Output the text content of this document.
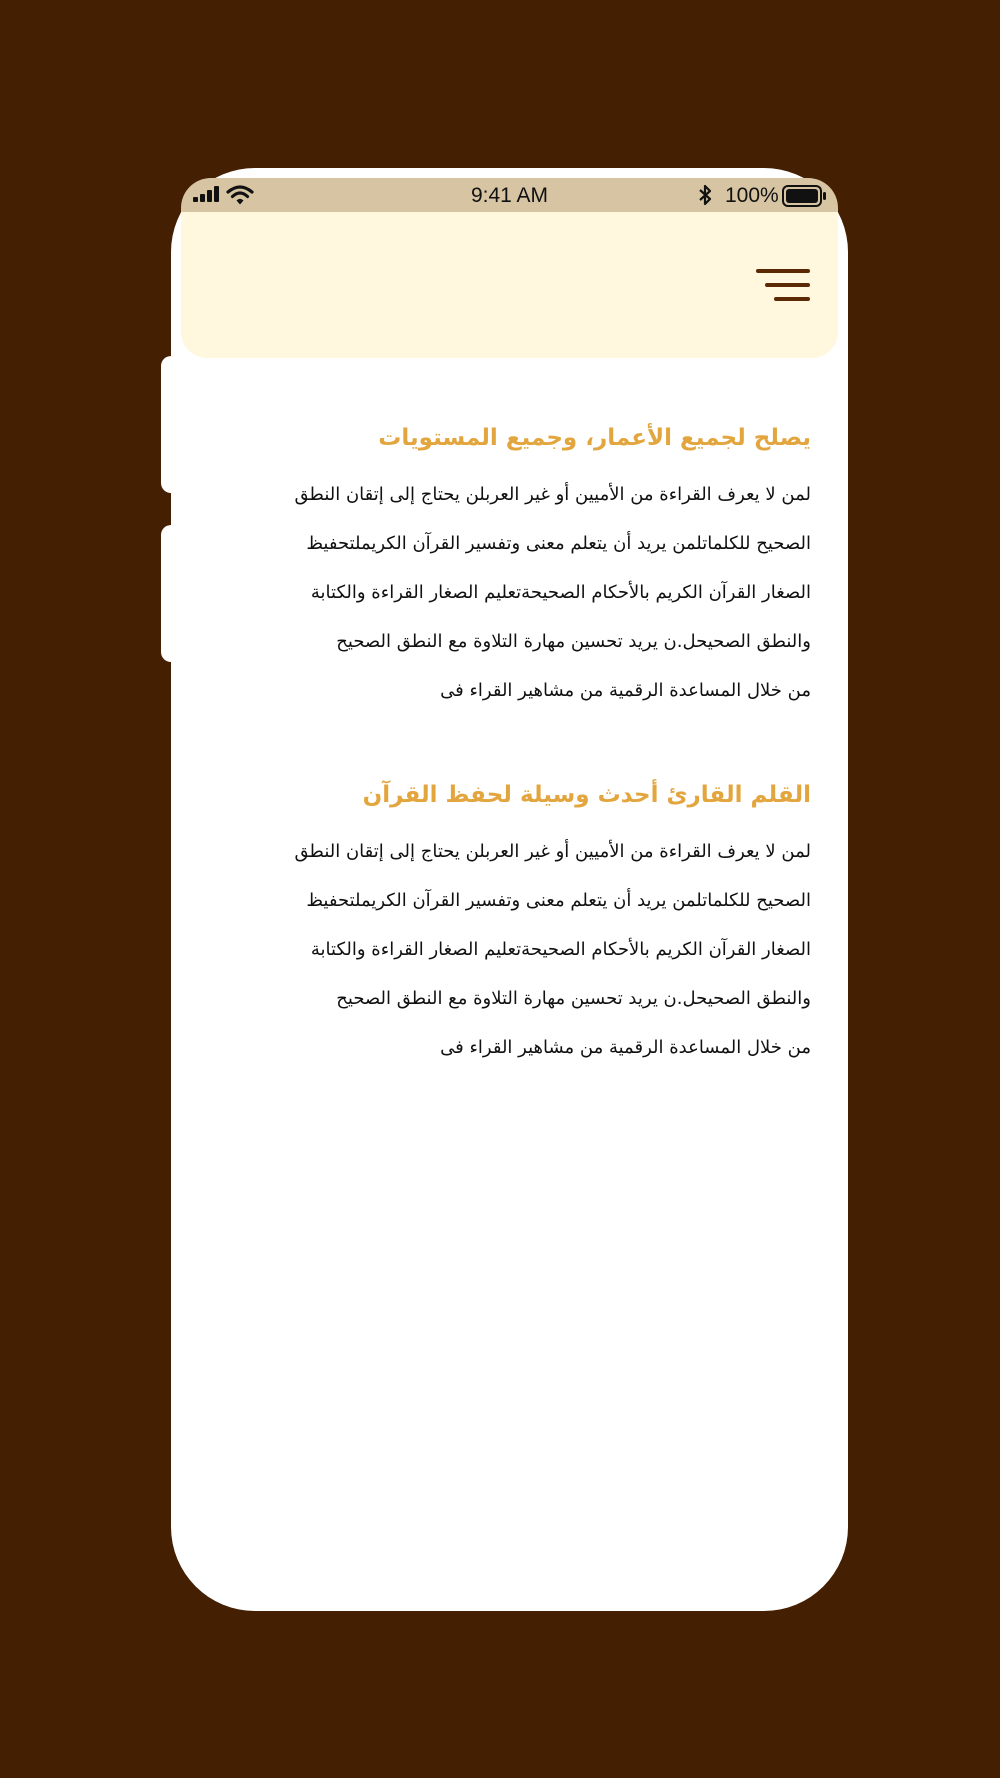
9:41 AM	100%
يصلح لجميع الأعمار، وجميع المستويات
لمن لا يعرف القراءة من الأميين أو غير العربلن يحتاج إلى إتقان النطق
الصحيح للكلماتلمن يريد أن يتعلم معنى وتفسير القرآن الكريملتحفيظ
الصغار القرآن الكريم بالأحكام الصحيحةتعليم الصغار القراءة والكتابة
والنطق الصحيحل.ن يريد تحسين مهارة التلاوة مع النطق الصحيح
من خلال المساعدة الرقمية من مشاهير القراء فى
القلم القارئ أحدث وسيلة لحفظ القرآن
لمن لا يعرف القراءة من الأميين أو غير العربلن يحتاج إلى إتقان النطق
الصحيح للكلماتلمن يريد أن يتعلم معنى وتفسير القرآن الكريملتحفيظ
الصغار القرآن الكريم بالأحكام الصحيحةتعليم الصغار القراءة والكتابة
والنطق الصحيحل.ن يريد تحسين مهارة التلاوة مع النطق الصحيح
من خلال المساعدة الرقمية من مشاهير القراء فى
